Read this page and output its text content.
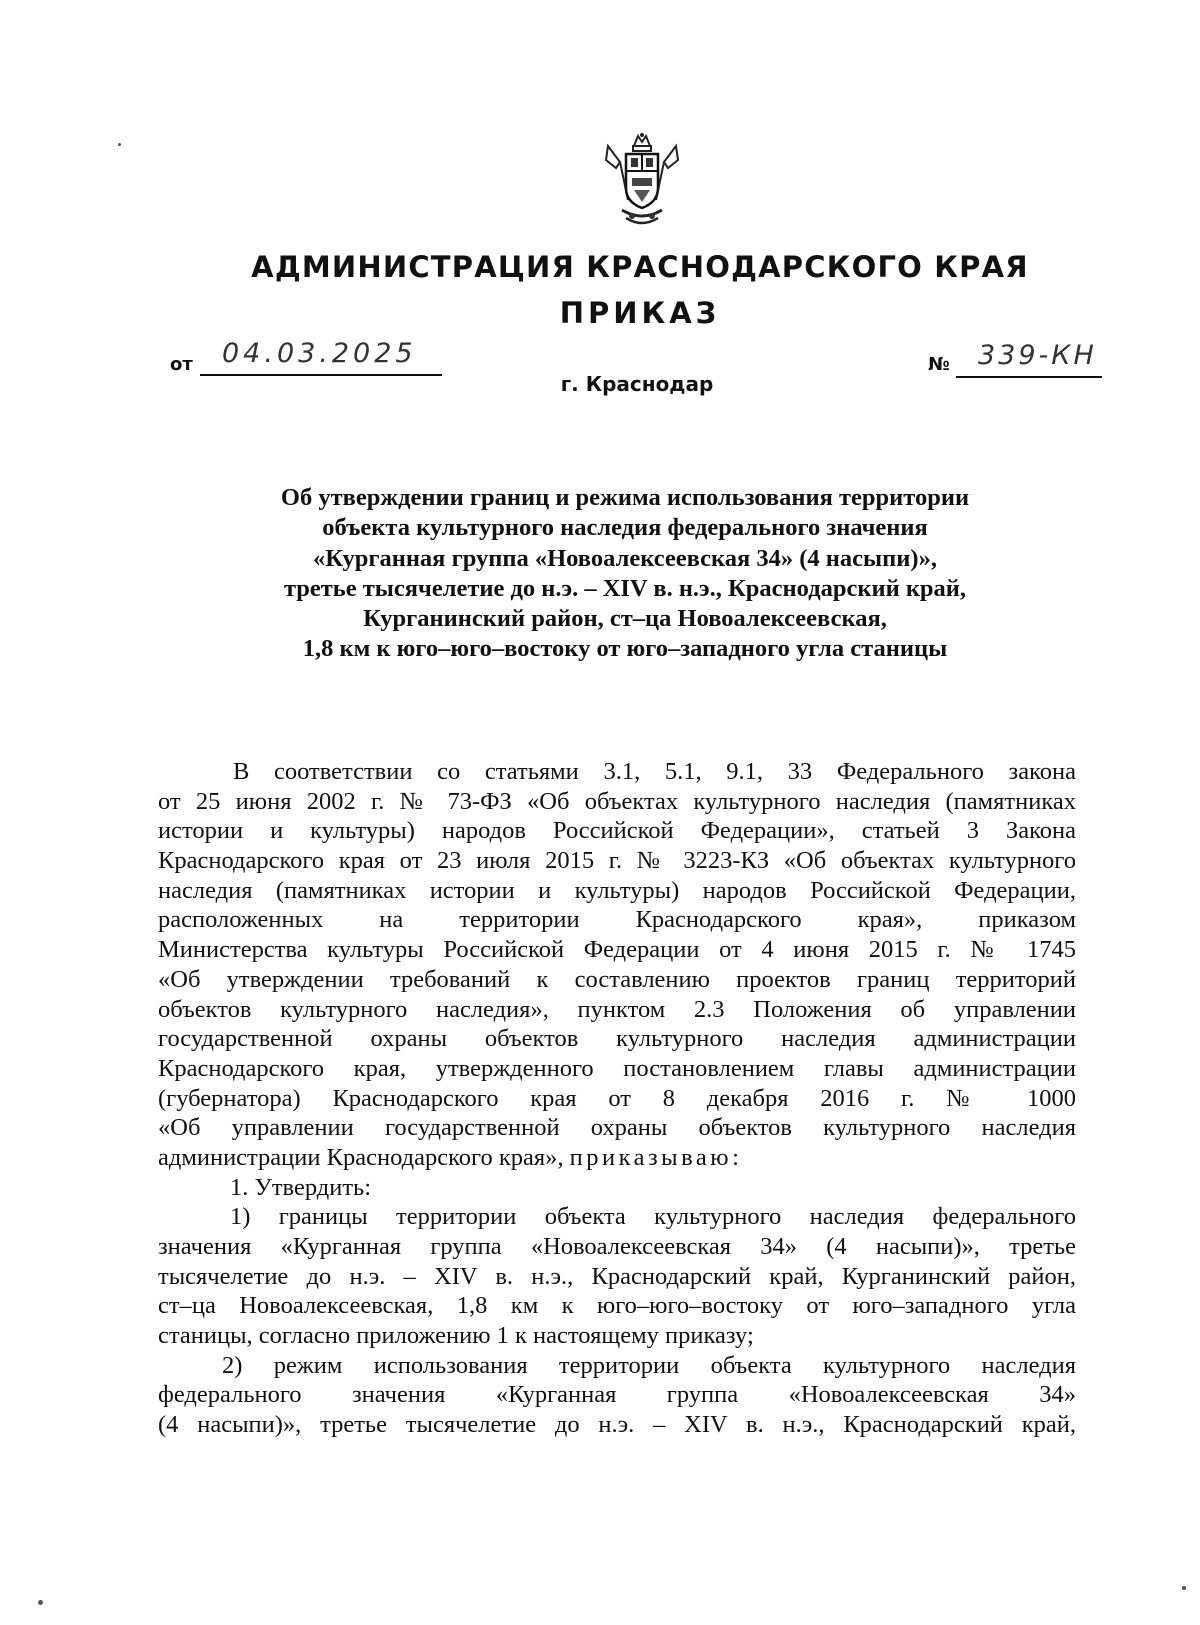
АДМИНИСТРАЦИЯ КРАСНОДАРСКОГО КРАЯ
ПРИКАЗ
от 04.03.2025	№ 339-КН
г. Краснодар
Об утверждении границ и режима использования территории
объекта культурного наследия федерального значения
«Курганная группа «Новоалексеевская 34» (4 насыпи)»,
третье тысячелетие до н.э. – XIV в. н.э., Краснодарский край,
Курганинский район, ст–ца Новоалексеевская,
1,8 км к юго–юго–востоку от юго–западного угла станицы
В соответствии со статьями 3.1, 5.1, 9.1, 33 Федерального закона
от 25 июня 2002 г. № 73-ФЗ «Об объектах культурного наследия (памятниках
истории и культуры) народов Российской Федерации», статьей 3 Закона
Краснодарского края от 23 июля 2015 г. № 3223-КЗ «Об объектах культурного
наследия (памятниках истории и культуры) народов Российской Федерации,
расположенных на территории Краснодарского края», приказом
Министерства культуры Российской Федерации от 4 июня 2015 г. № 1745
«Об утверждении требований к составлению проектов границ территорий
объектов культурного наследия», пунктом 2.3 Положения об управлении
государственной охраны объектов культурного наследия администрации
Краснодарского края, утвержденного постановлением главы администрации
(губернатора) Краснодарского края от 8 декабря 2016 г. № 1000
«Об управлении государственной охраны объектов культурного наследия
администрации Краснодарского края», приказываю:
1. Утвердить:
1) границы территории объекта культурного наследия федерального
значения «Курганная группа «Новоалексеевская 34» (4 насыпи)», третье
тысячелетие до н.э. – XIV в. н.э., Краснодарский край, Курганинский район,
ст–ца Новоалексеевская, 1,8 км к юго–юго–востоку от юго–западного угла
станицы, согласно приложению 1 к настоящему приказу;
2) режим использования территории объекта культурного наследия
федерального значения «Курганная группа «Новоалексеевская 34»
(4 насыпи)», третье тысячелетие до н.э. – XIV в. н.э., Краснодарский край,
